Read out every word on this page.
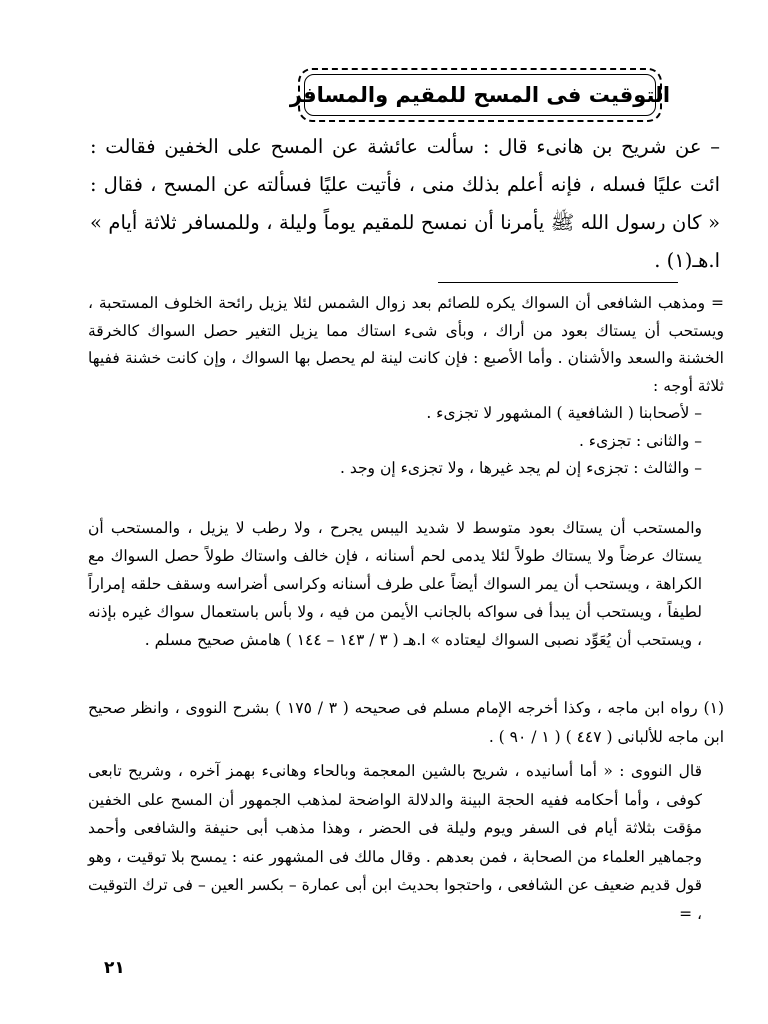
التوقيت فى المسح للمقيم والمسافر

– عن شريح بن هانىء قال : سألت عائشة عن المسح على الخفين فقالت : ائت عليًا فسله ، فإنه أعلم بذلك منى ، فأتيت عليًا فسألته عن المسح ، فقال : « كان رسول الله ﷺ يأمرنا أن نمسح للمقيم يوماً وليلة ، وللمسافر ثلاثة أيام » ا.هـ(١) .

= ومذهب الشافعى أن السواك يكره للصائم بعد زوال الشمس لئلا يزيل رائحة الخلوف المستحبة ، ويستحب أن يستاك بعود من أراك ، وبأى شىء استاك مما يزيل التغير حصل السواك كالخرقة الخشنة والسعد والأشنان . وأما الأصبع : فإن كانت لينة لم يحصل بها السواك ، وإن كانت خشنة ففيها ثلاثة أوجه :

– لأصحابنا ( الشافعية ) المشهور لا تجزىء .

– والثانى : تجزىء .

– والثالث : تجزىء إن لم يجد غيرها ، ولا تجزىء إن وجد .

والمستحب أن يستاك بعود متوسط لا شديد اليبس يجرح ، ولا رطب لا يزيل ، والمستحب أن يستاك عرضاً ولا يستاك طولاً لئلا يدمى لحم أسنانه ، فإن خالف واستاك طولاً حصل السواك مع الكراهة ، ويستحب أن يمر السواك أيضاً على طرف أسنانه وكراسى أضراسه وسقف حلقه إمراراً لطيفاً ، ويستحب أن يبدأ فى سواكه بالجانب الأيمن من فيه ، ولا بأس باستعمال سواك غيره بإذنه ، ويستحب أن يُعَوِّد نصبى السواك ليعتاده » ا.هـ ( ٣ / ١٤٣ – ١٤٤ ) هامش صحيح مسلم .

(١) رواه ابن ماجه ، وكذا أخرجه الإمام مسلم فى صحيحه ( ٣ / ١٧٥ ) بشرح النووى ، وانظر صحيح ابن ماجه للألبانى ( ٤٤٧ ) ( ١ / ٩٠ ) .

قال النووى : « أما أسانيده ، شريح بالشين المعجمة وبالحاء وهانىء بهمز آخره ، وشريح تابعى كوفى ، وأما أحكامه ففيه الحجة البينة والدلالة الواضحة لمذهب الجمهور أن المسح على الخفين مؤقت بثلاثة أيام فى السفر ويوم وليلة فى الحضر ، وهذا مذهب أبى حنيفة والشافعى وأحمد وجماهير العلماء من الصحابة ، فمن بعدهم . وقال مالك فى المشهور عنه : يمسح بلا توقيت ، وهو قول قديم ضعيف عن الشافعى ، واحتجوا بحديث ابن أبى عمارة – بكسر العين – فى ترك التوقيت ، =

٢١
